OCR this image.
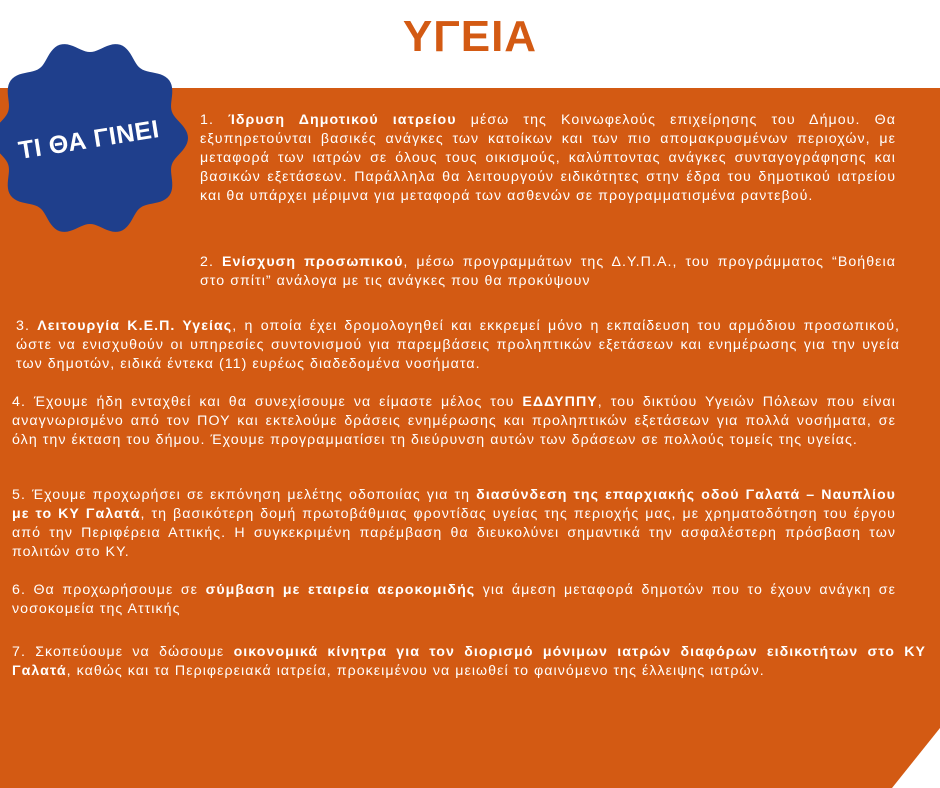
ΥΓΕΙΑ
ΤΙ ΘΑ ΓΙΝΕΙ	1. Ίδρυση Δημοτικού ιατρείου μέσω της Κοινωφελούς επιχείρησης του Δήμου. Θα εξυπηρετούνται βασικές ανάγκες των κατοίκων και των πιο απομακρυσμένων περιοχών, με μεταφορά των ιατρών σε όλους τους οικισμούς, καλύπτοντας ανάγκες συνταγογράφησης και βασικών εξετάσεων. Παράλληλα θα λειτουργούν ειδικότητες στην έδρα του δημοτικού ιατρείου και θα υπάρχει μέριμνα για μεταφορά των ασθενών σε προγραμματισμένα ραντεβού.

2. Ενίσχυση προσωπικού, μέσω προγραμμάτων της Δ.Υ.Π.Α., του προγράμματος “Βοήθεια στο σπίτι” ανάλογα με τις ανάγκες που θα προκύψουν

3. Λειτουργία Κ.Ε.Π. Υγείας, η οποία έχει δρομολογηθεί και εκκρεμεί μόνο η εκπαίδευση του αρμόδιου προσωπικού, ώστε να ενισχυθούν οι υπηρεσίες συντονισμού για παρεμβάσεις προληπτικών εξετάσεων και ενημέρωσης για την υγεία των δημοτών, ειδικά έντεκα (11) ευρέως διαδεδομένα νοσήματα.

4. Έχουμε ήδη ενταχθεί και θα συνεχίσουμε να είμαστε μέλος του ΕΔΔΥΠΠΥ, του δικτύου Υγειών Πόλεων που είναι αναγνωρισμένο από τον ΠΟΥ και εκτελούμε δράσεις ενημέρωσης και προληπτικών εξετάσεων για πολλά νοσήματα, σε όλη την έκταση του δήμου. Έχουμε προγραμματίσει τη διεύρυνση αυτών των δράσεων σε πολλούς τομείς της υγείας.

5. Έχουμε προχωρήσει σε εκπόνηση μελέτης οδοποιίας για τη διασύνδεση της επαρχιακής οδού Γαλατά – Ναυπλίου με το ΚΥ Γαλατά, τη βασικότερη δομή πρωτοβάθμιας φροντίδας υγείας της περιοχής μας, με χρηματοδότηση του έργου από την Περιφέρεια Αττικής. Η συγκεκριμένη παρέμβαση θα διευκολύνει σημαντικά την ασφαλέστερη πρόσβαση των πολιτών στο ΚΥ.

6. Θα προχωρήσουμε σε σύμβαση με εταιρεία αεροκομιδής για άμεση μεταφορά δημοτών που το έχουν ανάγκη σε νοσοκομεία της Αττικής

7. Σκοπεύουμε να δώσουμε οικονομικά κίνητρα για τον διορισμό μόνιμων ιατρών διαφόρων ειδικοτήτων στο ΚΥ Γαλατά, καθώς και τα Περιφερειακά ιατρεία, προκειμένου να μειωθεί το φαινόμενο της έλλειψης ιατρών.
